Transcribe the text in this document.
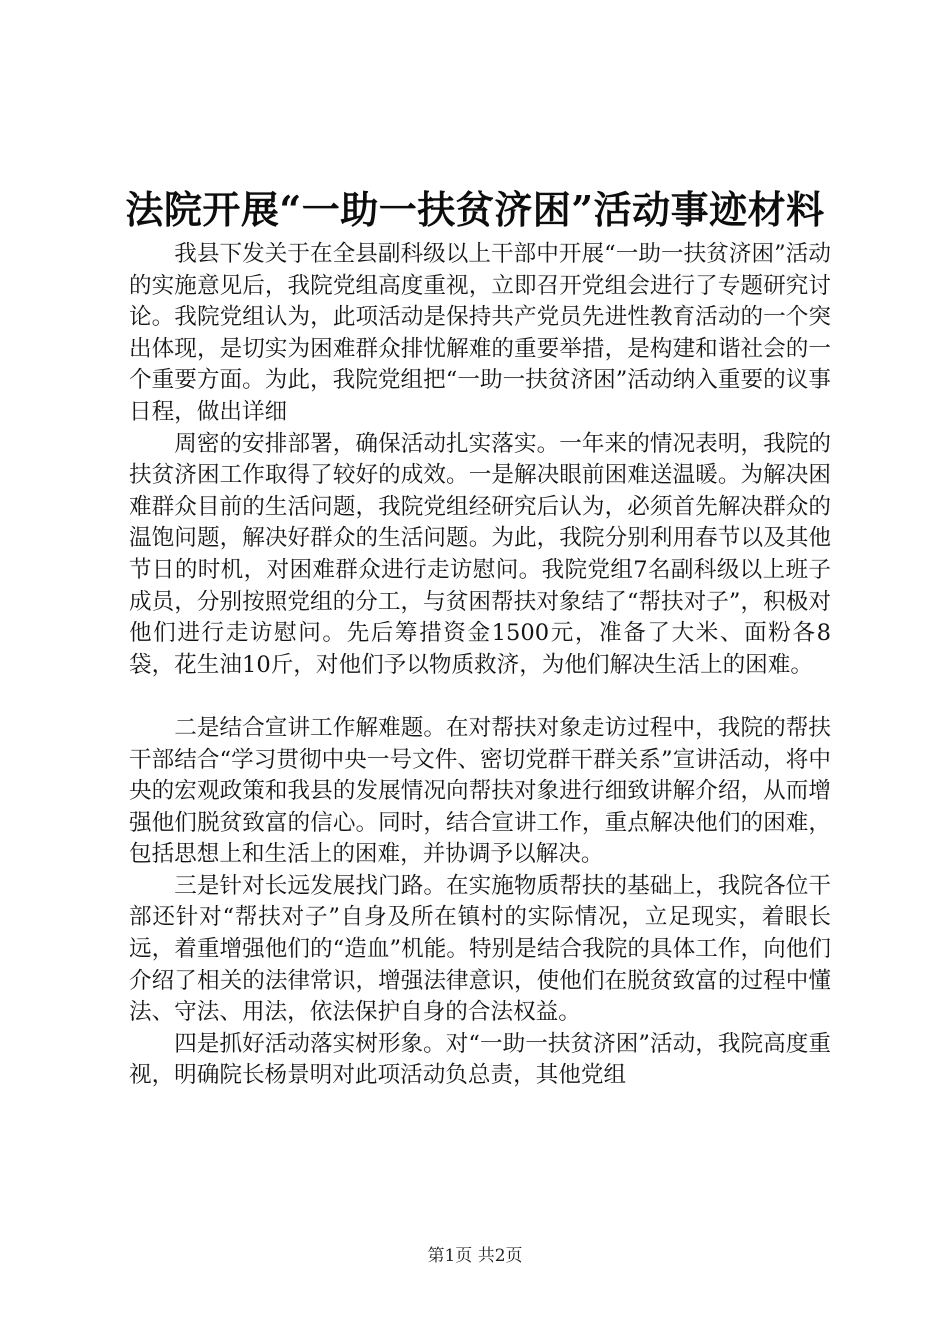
法院开展“一助一扶贫济困”活动事迹材料

我县下发关于在全县副科级以上干部中开展“一助一扶贫济困”活动的实施意见后，我院党组高度重视，立即召开党组会进行了专题研究讨论。我院党组认为，此项活动是保持共产党员先进性教育活动的一个突出体现，是切实为困难群众排忧解难的重要举措，是构建和谐社会的一个重要方面。为此，我院党组把“一助一扶贫济困”活动纳入重要的议事日程，做出详细

周密的安排部署，确保活动扎实落实。一年来的情况表明，我院的扶贫济困工作取得了较好的成效。一是解决眼前困难送温暖。为解决困难群众目前的生活问题，我院党组经研究后认为，必须首先解决群众的温饱问题，解决好群众的生活问题。为此，我院分别利用春节以及其他节日的时机，对困难群众进行走访慰问。我院党组7名副科级以上班子成员，分别按照党组的分工，与贫困帮扶对象结了“帮扶对子”，积极对他们进行走访慰问。先后筹措资金1500元，准备了大米、面粉各8袋，花生油10斤，对他们予以物质救济，为他们解决生活上的困难。

二是结合宣讲工作解难题。在对帮扶对象走访过程中，我院的帮扶干部结合“学习贯彻中央一号文件、密切党群干群关系”宣讲活动，将中央的宏观政策和我县的发展情况向帮扶对象进行细致讲解介绍，从而增强他们脱贫致富的信心。同时，结合宣讲工作，重点解决他们的困难，包括思想上和生活上的困难，并协调予以解决。

三是针对长远发展找门路。在实施物质帮扶的基础上，我院各位干部还针对“帮扶对子”自身及所在镇村的实际情况，立足现实，着眼长远，着重增强他们的“造血”机能。特别是结合我院的具体工作，向他们介绍了相关的法律常识，增强法律意识，使他们在脱贫致富的过程中懂法、守法、用法，依法保护自身的合法权益。

四是抓好活动落实树形象。对“一助一扶贫济困”活动，我院高度重视，明确院长杨景明对此项活动负总责，其他党组

第1页 共2页
